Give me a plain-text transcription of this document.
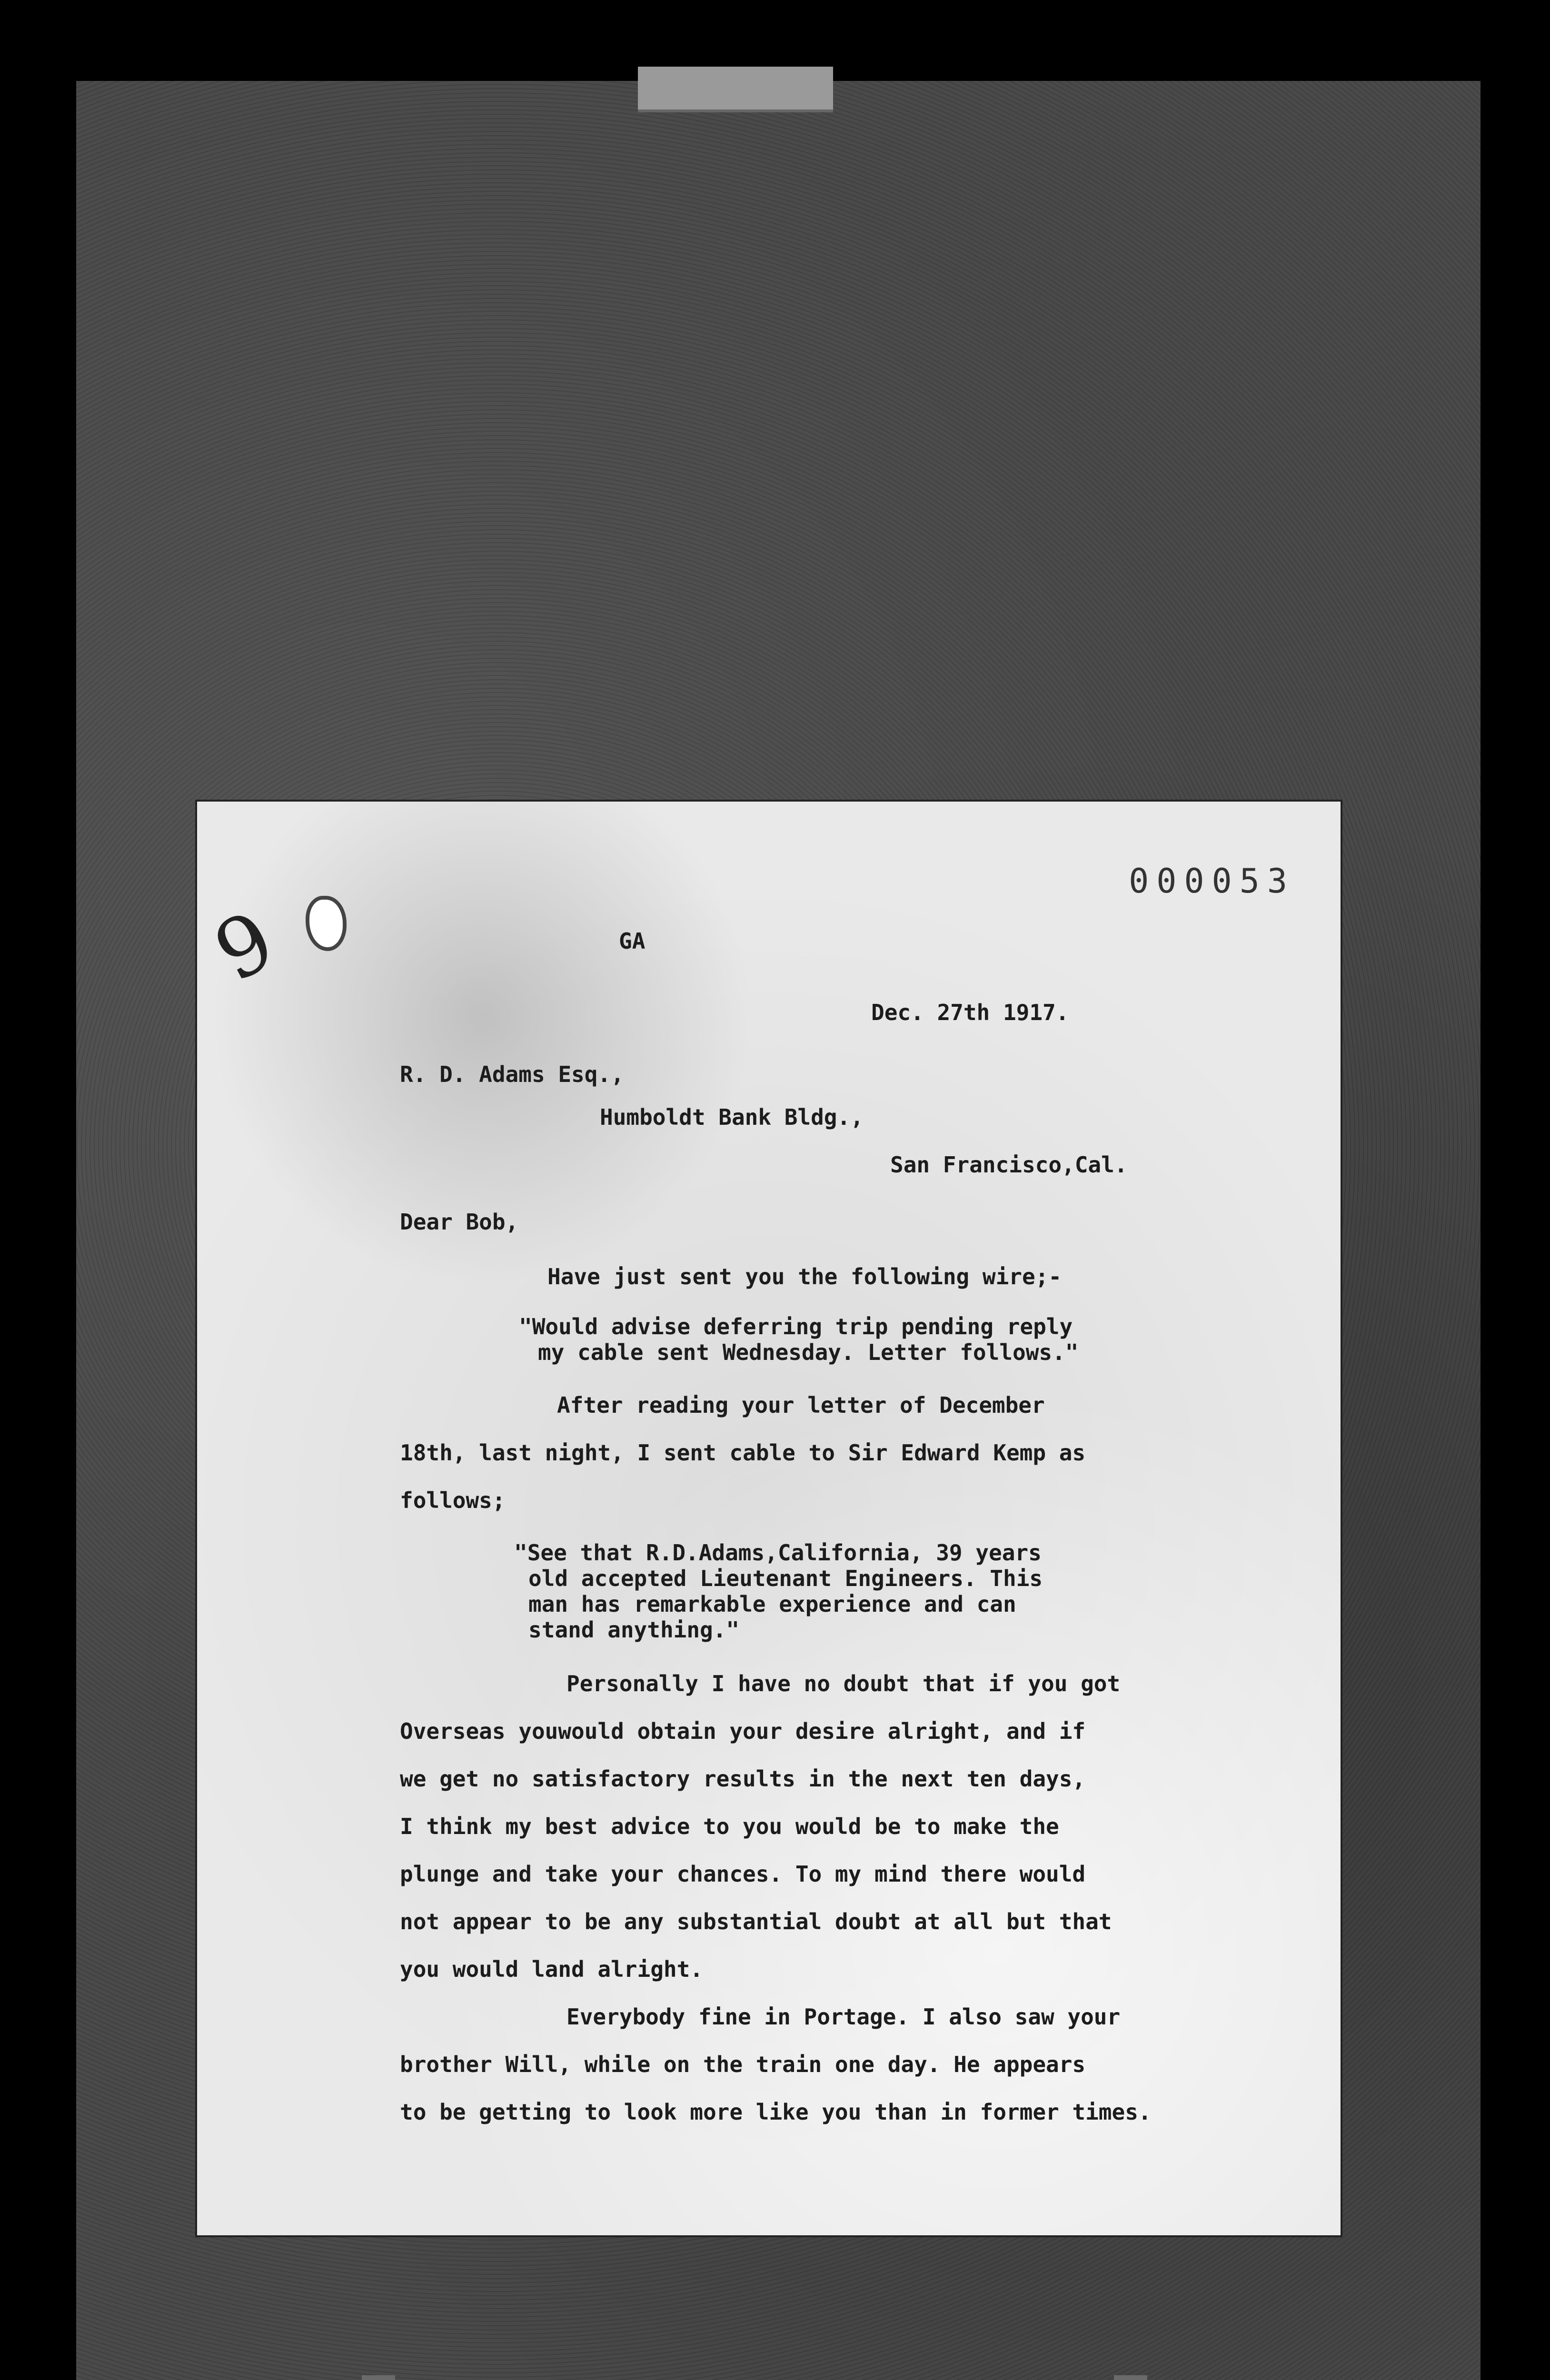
000053
9	GA
Dec. 27th 1917.
R. D. Adams Esq.,
Humboldt Bank Bldg.,
San Francisco,Cal.
Dear Bob,
Have just sent you the following wire;-
"Would advise deferring trip pending reply
my cable sent Wednesday. Letter follows."
After reading your letter of December
18th, last night, I sent cable to Sir Edward Kemp as
follows;
"See that R.D.Adams,California, 39 years
old accepted Lieutenant Engineers. This
man has remarkable experience and can
stand anything."
Personally I have no doubt that if you got
Overseas youwould obtain your desire alright, and if
we get no satisfactory results in the next ten days,
I think my best advice to you would be to make the
plunge and take your chances. To my mind there would
not appear to be any substantial doubt at all but that
you would land alright.
Everybody fine in Portage. I also saw your
brother Will, while on the train one day. He appears
to be getting to look more like you than in former times.
